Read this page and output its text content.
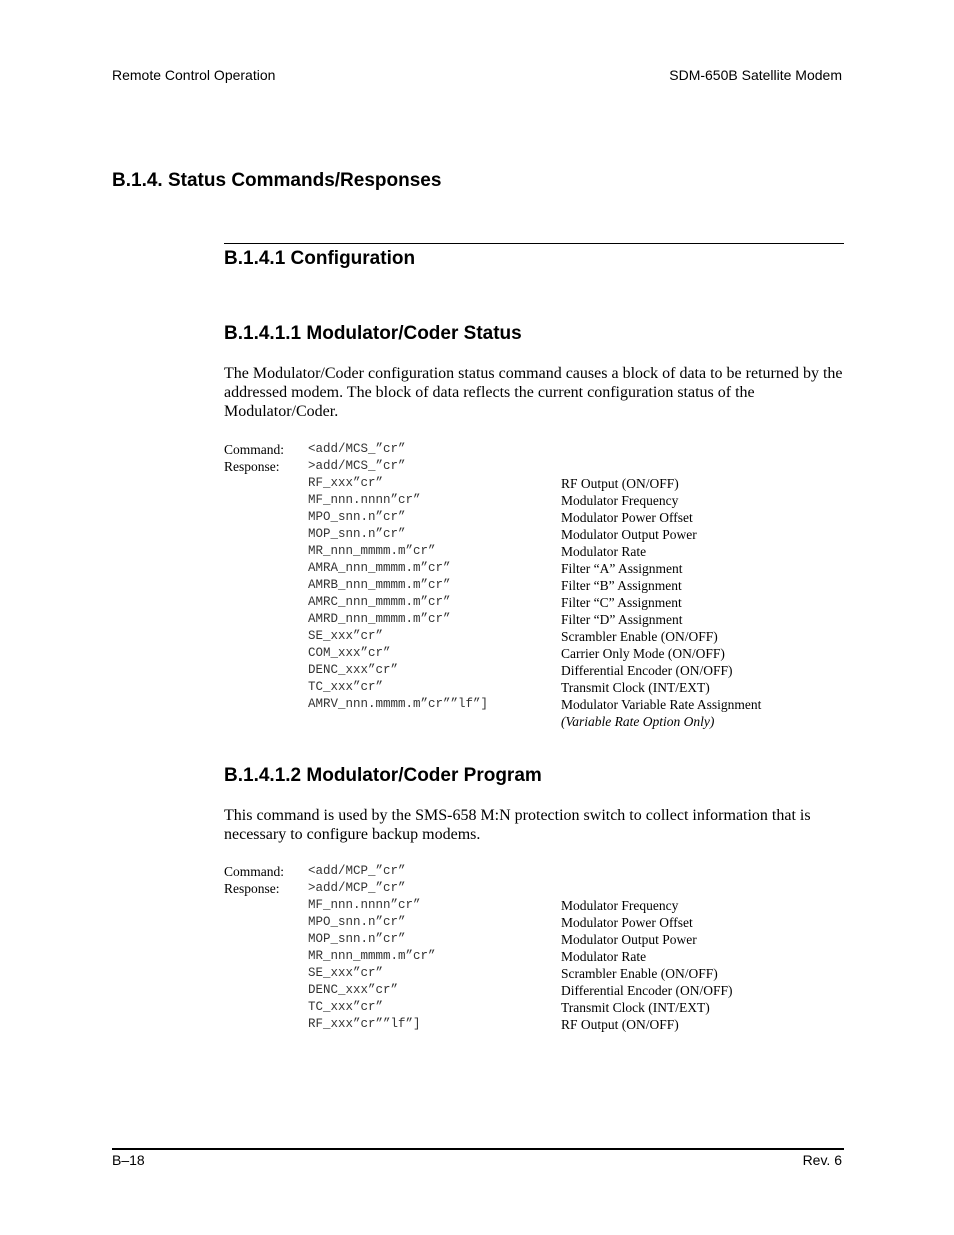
Remote Control Operation	SDM-650B Satellite Modem
B.1.4. Status Commands/Responses
B.1.4.1 Configuration
B.1.4.1.1 Modulator/Coder Status

The Modulator/Coder configuration status command causes a block of data to be returned by the addressed modem. The block of data reflects the current configuration status of the Modulator/Coder.

Command: <add/MCS_”cr”
Response: >add/MCS_”cr”
RF_xxx”cr”	RF Output (ON/OFF)
MF_nnn.nnnn”cr”	Modulator Frequency
MPO_snn.n”cr”	Modulator Power Offset
MOP_snn.n”cr”	Modulator Output Power
MR_nnn_mmmm.m”cr”	Modulator Rate
AMRA_nnn_mmmm.m”cr”	Filter “A” Assignment
AMRB_nnn_mmmm.m”cr”	Filter “B” Assignment
AMRC_nnn_mmmm.m”cr”	Filter “C” Assignment
AMRD_nnn_mmmm.m”cr”	Filter “D” Assignment
SE_xxx”cr”	Scrambler Enable (ON/OFF)
COM_xxx”cr”	Carrier Only Mode (ON/OFF)
DENC_xxx”cr”	Differential Encoder (ON/OFF)
TC_xxx”cr”	Transmit Clock (INT/EXT)
AMRV_nnn.mmmm.m”cr””lf”]	Modulator Variable Rate Assignment
(Variable Rate Option Only)
B.1.4.1.2 Modulator/Coder Program

This command is used by the SMS-658 M:N protection switch to collect information that is necessary to configure backup modems.

Command: <add/MCP_”cr”
Response: >add/MCP_”cr”
MF_nnn.nnnn”cr”	Modulator Frequency
MPO_snn.n”cr”	Modulator Power Offset
MOP_snn.n”cr”	Modulator Output Power
MR_nnn_mmmm.m”cr”	Modulator Rate
SE_xxx”cr”	Scrambler Enable (ON/OFF)
DENC_xxx”cr”	Differential Encoder (ON/OFF)
TC_xxx”cr”	Transmit Clock (INT/EXT)
RF_xxx”cr””lf”]	RF Output (ON/OFF)
B–18	Rev. 6
